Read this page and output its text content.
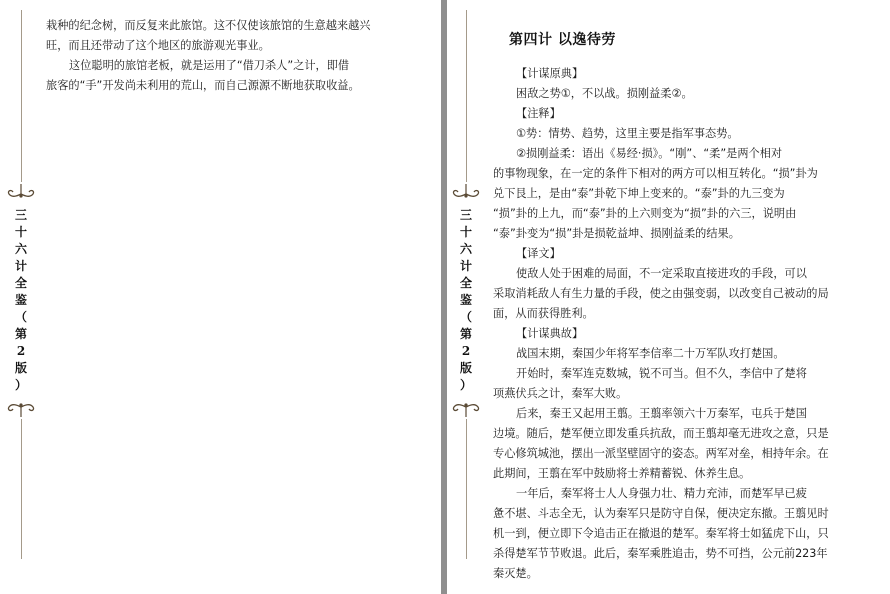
三
十
六
计
全
鉴
（
第
2
版
）

栽种的纪念树，而反复来此旅馆。这不仅使该旅馆的生意越来越兴

旺，而且还带动了这个地区的旅游观光事业。

这位聪明的旅馆老板，就是运用了“借刀杀人”之计，即借

旅客的“手”开发尚未利用的荒山，而自己源源不断地获取收益。

三
十
六
计
全
鉴
（
第
2
版
）
第四计 以逸待劳

【计谋原典】

困敌之势①，不以战。损刚益柔②。

【注释】

①势：情势、趋势，这里主要是指军事态势。

②损刚益柔：语出《易经·损》。“刚”、“柔”是两个相对

的事物现象，在一定的条件下相对的两方可以相互转化。“损”卦为

兑下艮上，是由“泰”卦乾下坤上变来的。“泰”卦的九三变为

“损”卦的上九，而“泰”卦的上六则变为“损”卦的六三，说明由

“泰”卦变为“损”卦是损乾益坤、损刚益柔的结果。

【译文】

使敌人处于困难的局面，不一定采取直接进攻的手段，可以

采取消耗敌人有生力量的手段，使之由强变弱，以改变自己被动的局

面，从而获得胜利。

【计谋典故】

战国末期，秦国少年将军李信率二十万军队攻打楚国。

开始时，秦军连克数城，锐不可当。但不久，李信中了楚将

项燕伏兵之计，秦军大败。

后来，秦王又起用王翦。王翦率领六十万秦军，屯兵于楚国

边境。随后，楚军便立即发重兵抗敌，而王翦却毫无进攻之意，只是

专心修筑城池，摆出一派坚壁固守的姿态。两军对垒，相持年余。在

此期间，王翦在军中鼓励将士养精蓄锐、休养生息。

一年后，秦军将士人人身强力壮、精力充沛，而楚军早已疲

惫不堪、斗志全无，认为秦军只是防守自保，便决定东撤。王翦见时

机一到，便立即下令追击正在撤退的楚军。秦军将士如猛虎下山，只

杀得楚军节节败退。此后，秦军乘胜追击，势不可挡，公元前223年

秦灭楚。
